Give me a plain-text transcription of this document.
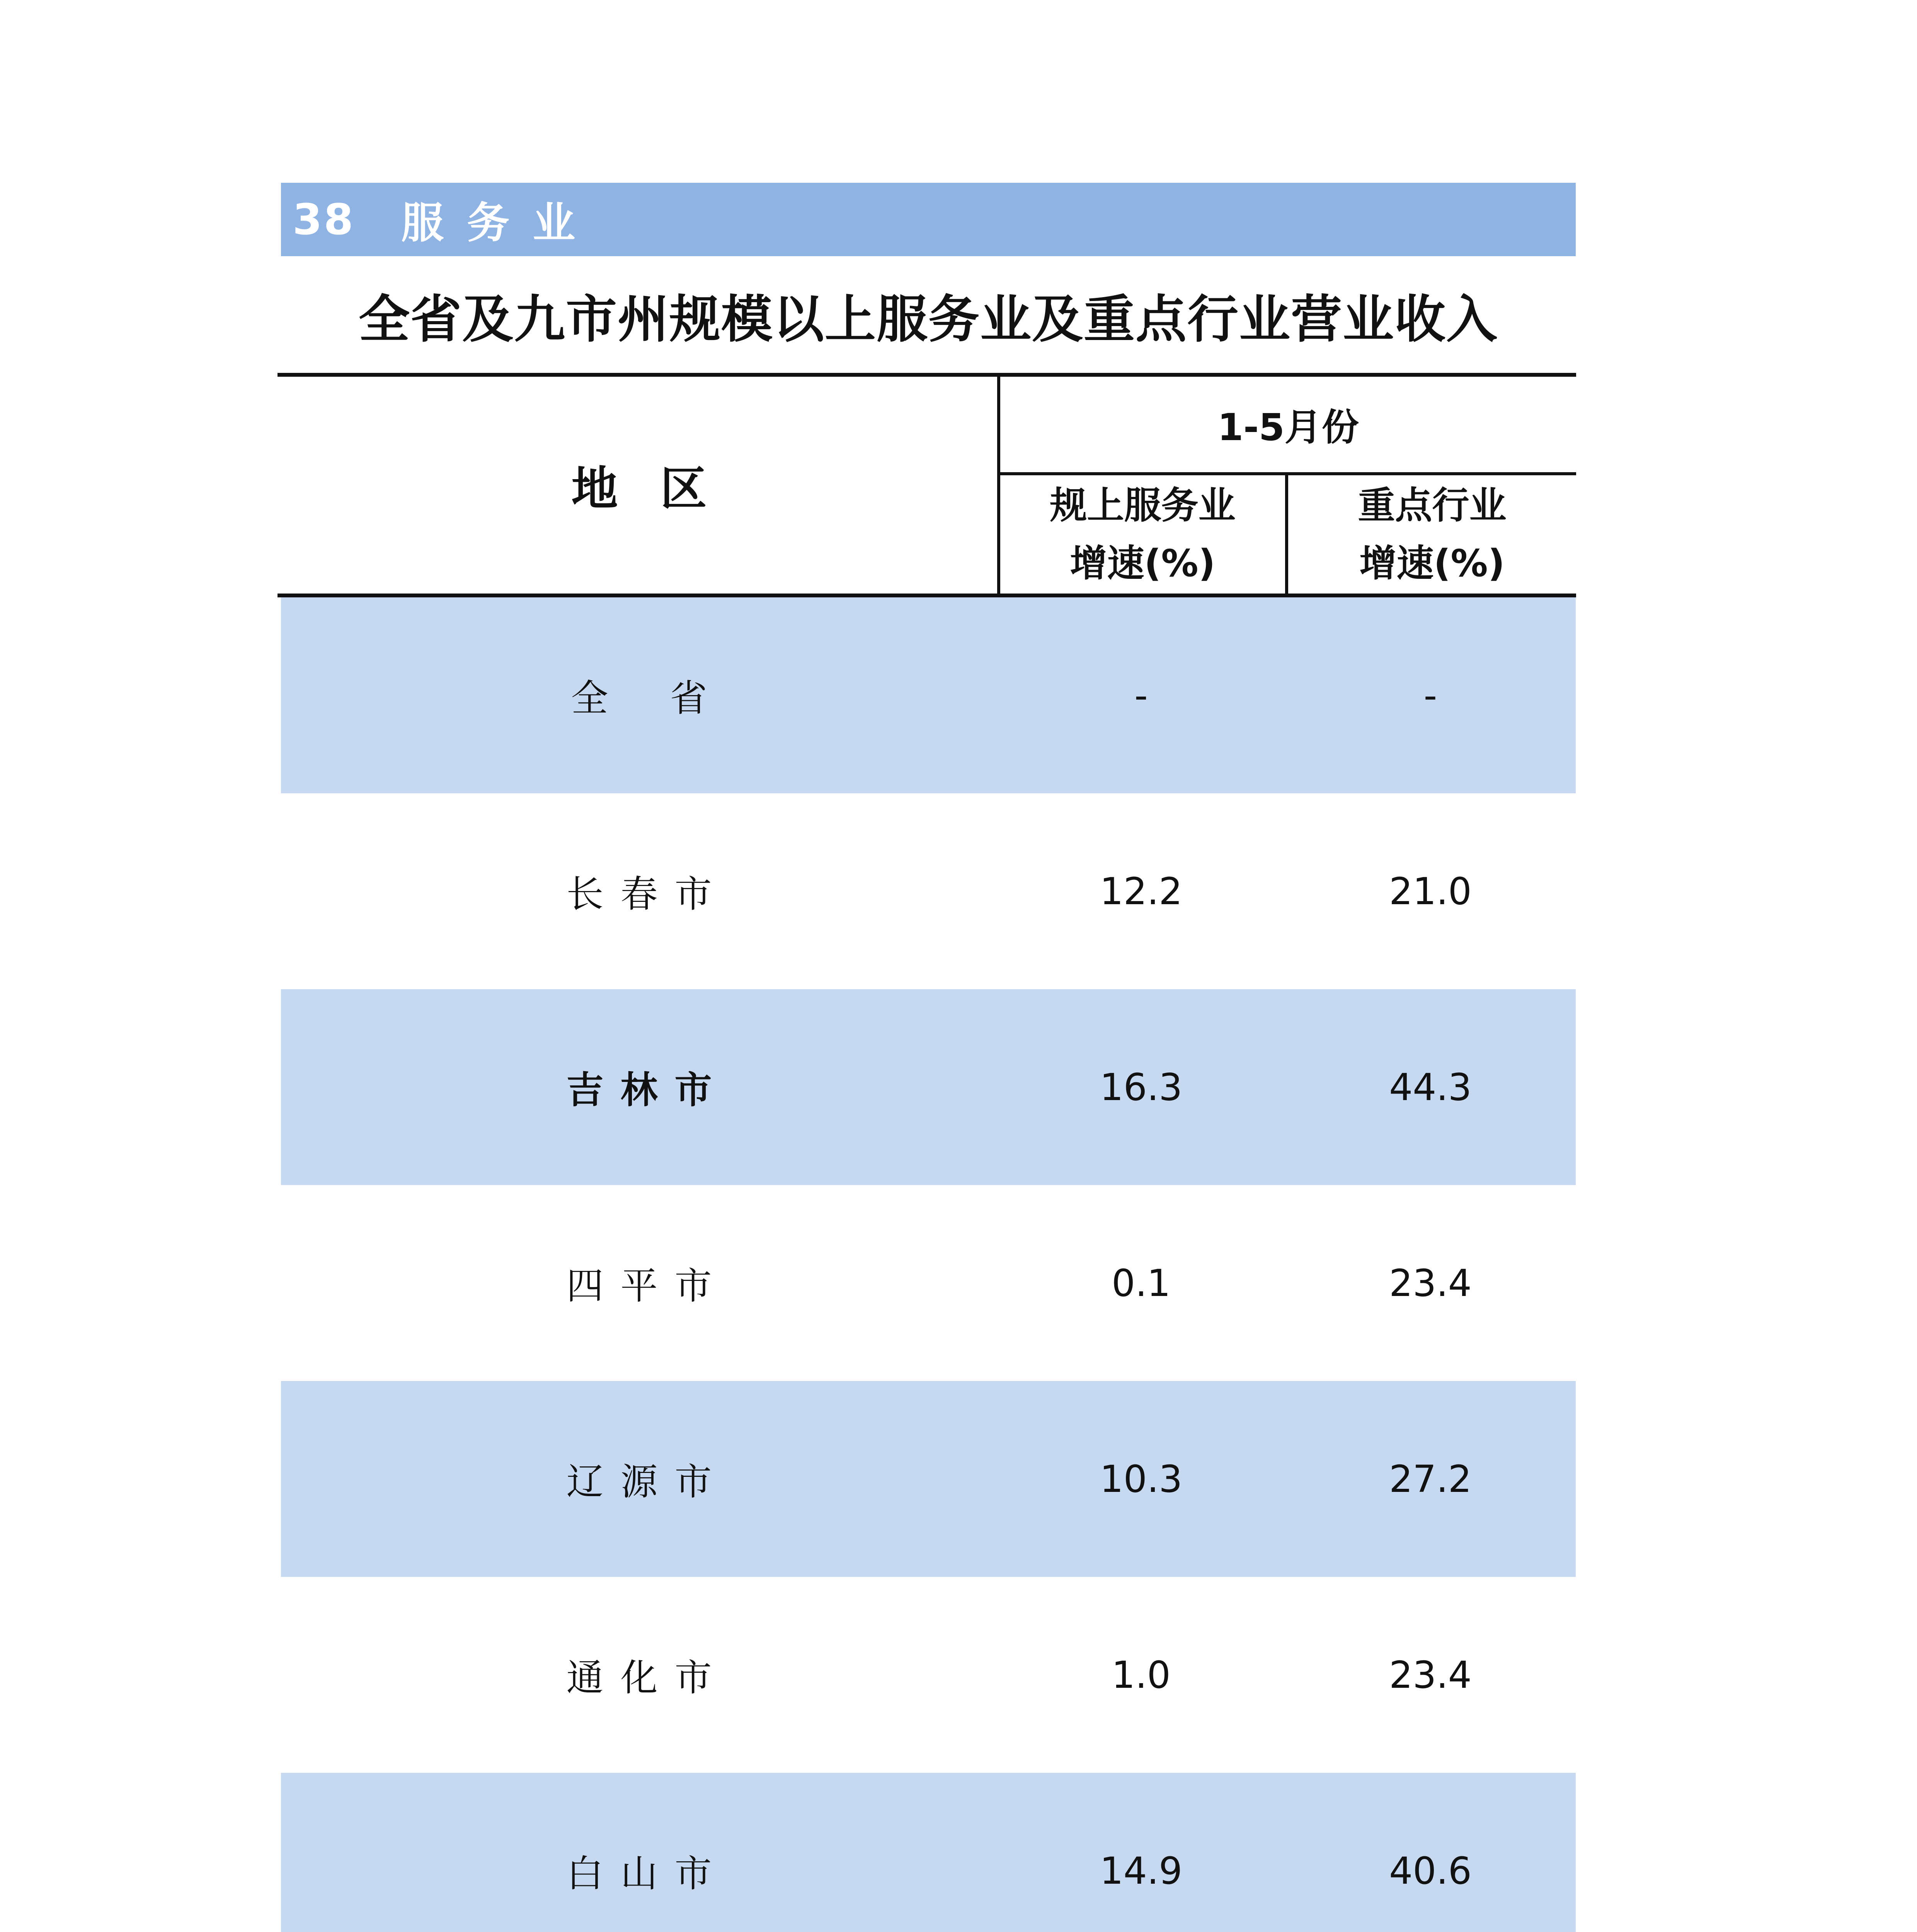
38 服务业
全省及九市州规模以上服务业及重点行业营业收入
地区
1-5月份
规上服务业
增速(%)
重点行业
增速(%)
全省	-	-
长春市	12.2	21.0
吉林市	16.3	44.3
四平市	0.1	23.4
辽源市	10.3	27.2
通化市	1.0	23.4
白山市	14.9	40.6
